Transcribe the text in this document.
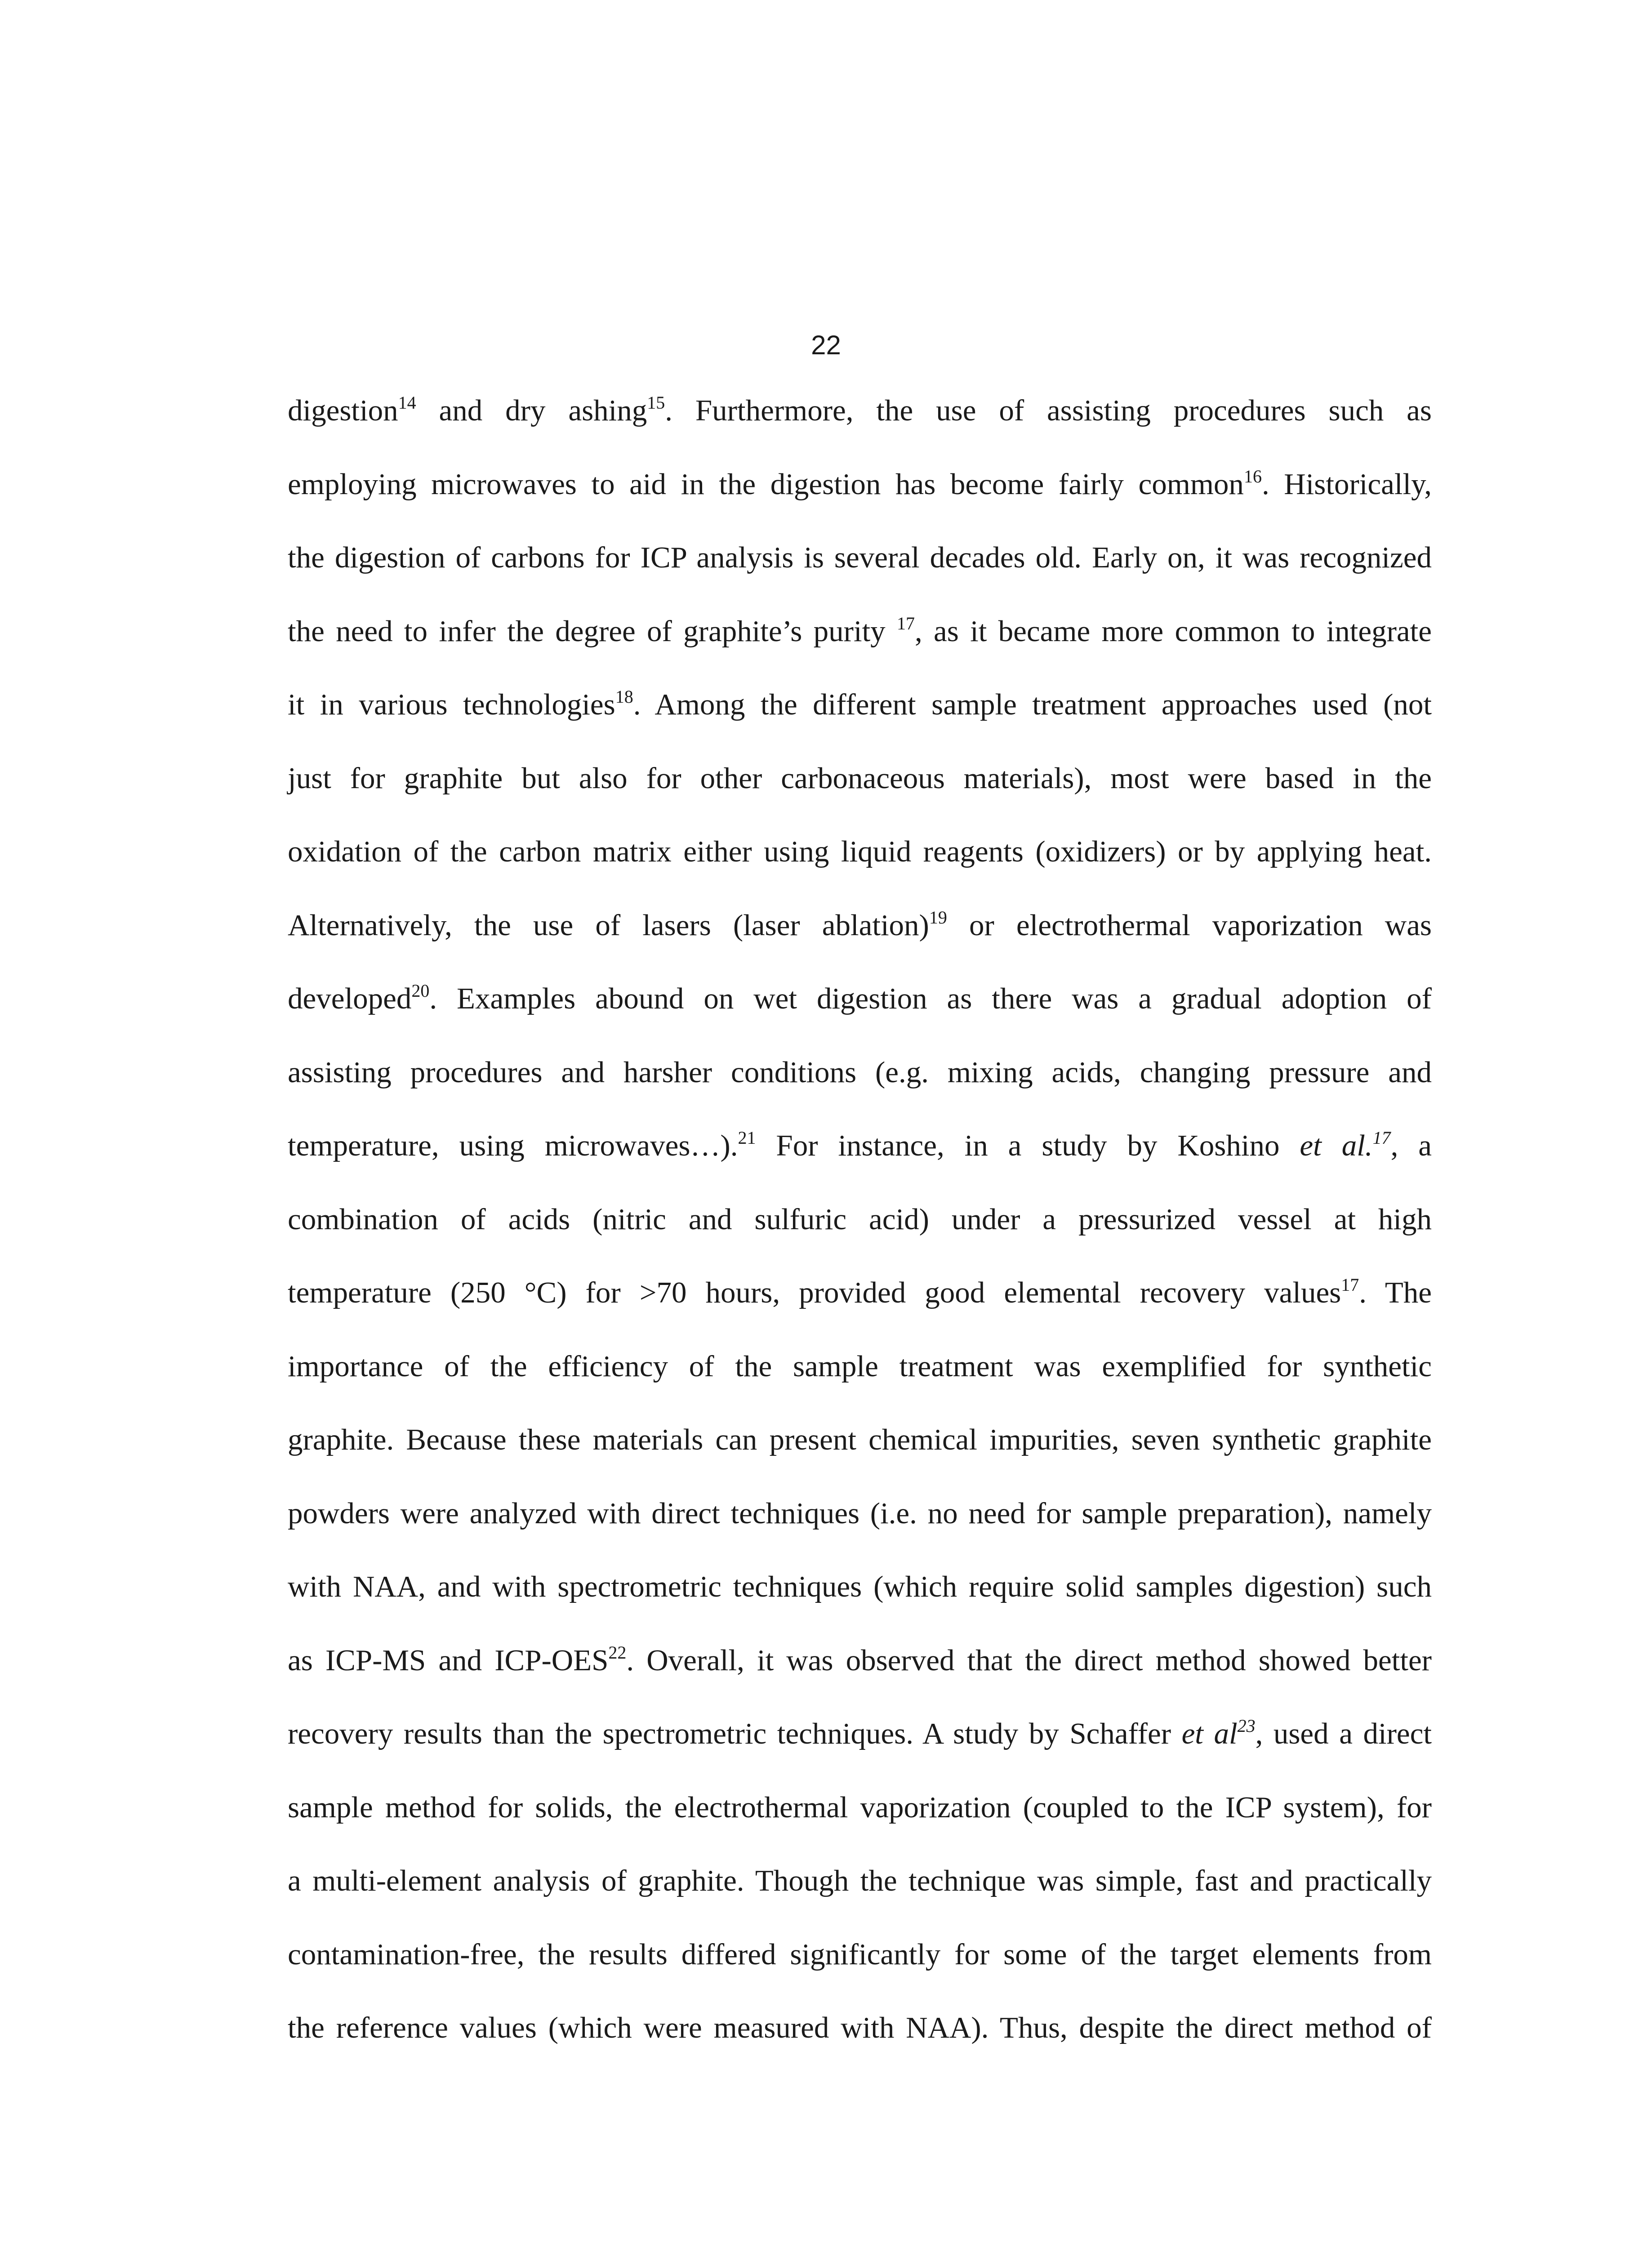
22
digestion$^{14}$ and dry ashing$^{15}$. Furthermore, the use of assisting procedures such as
employing microwaves to aid in the digestion has become fairly common$^{16}$. Historically,
the digestion of carbons for ICP analysis is several decades old. Early on, it was recognized
the need to infer the degree of graphite’s purity $^{17}$, as it became more common to integrate
it in various technologies$^{18}$. Among the different sample treatment approaches used (not
just for graphite but also for other carbonaceous materials), most were based in the
oxidation of the carbon matrix either using liquid reagents (oxidizers) or by applying heat.
Alternatively, the use of lasers (laser ablation)$^{19}$ or electrothermal vaporization was
developed$^{20}$. Examples abound on wet digestion as there was a gradual adoption of
assisting procedures and harsher conditions (e.g. mixing acids, changing pressure and
temperature, using microwaves…).$^{21}$ For instance, in a study by Koshino et al.$^{17}$, a
combination of acids (nitric and sulfuric acid) under a pressurized vessel at high
temperature (250 °C) for >70 hours, provided good elemental recovery values$^{17}$. The
importance of the efficiency of the sample treatment was exemplified for synthetic
graphite. Because these materials can present chemical impurities, seven synthetic graphite
powders were analyzed with direct techniques (i.e. no need for sample preparation), namely
with NAA, and with spectrometric techniques (which require solid samples digestion) such
as ICP-MS and ICP-OES$^{22}$. Overall, it was observed that the direct method showed better
recovery results than the spectrometric techniques. A study by Schaffer et $al^{23}$, used a direct
sample method for solids, the electrothermal vaporization (coupled to the ICP system), for
a multi-element analysis of graphite. Though the technique was simple, fast and practically
contamination-free, the results differed significantly for some of the target elements from
the reference values (which were measured with NAA). Thus, despite the direct method of
